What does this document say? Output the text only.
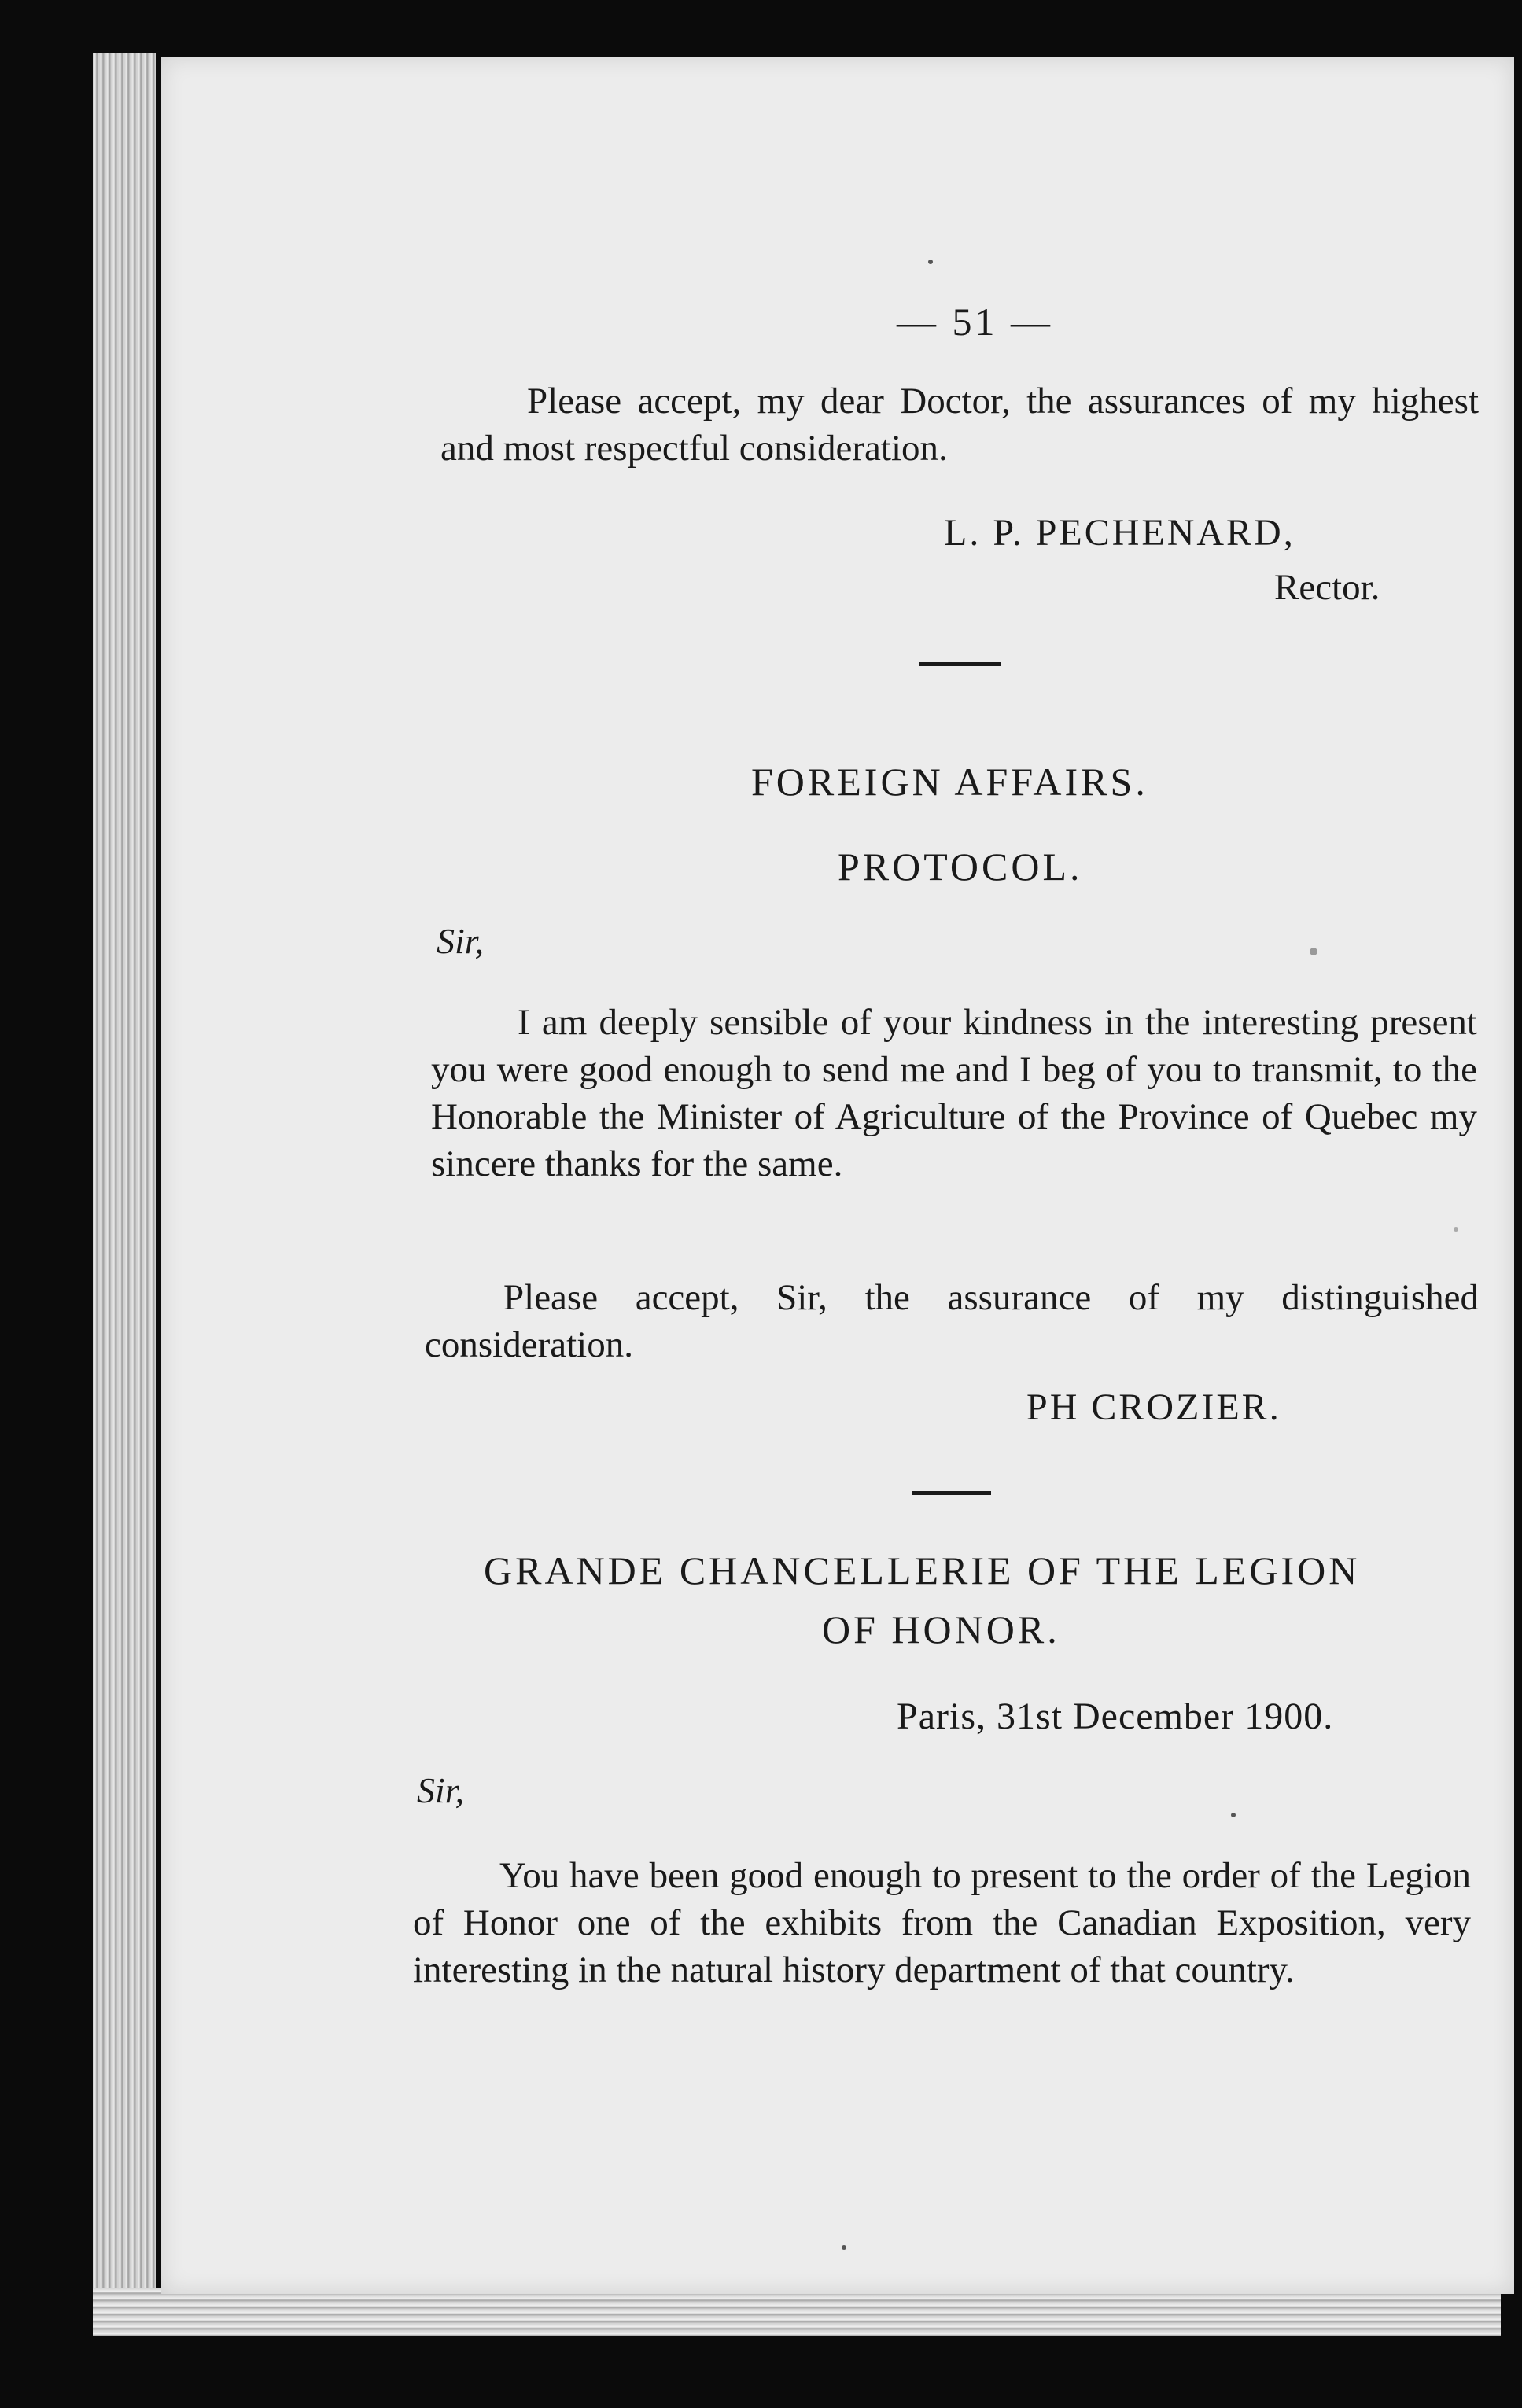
— 51 —
Please accept, my dear Doctor, the assurances of my highest and most respectful consideration.
L. P. PECHENARD,
Rector.
FOREIGN AFFAIRS.
PROTOCOL.
Sir,
I am deeply sensible of your kindness in the interesting present you were good enough to send me and I beg of you to transmit, to the Honorable the Minister of Agriculture of the Province of Quebec my sincere thanks for the same.
Please accept, Sir, the assurance of my distinguished consideration.
PH CROZIER.
GRANDE CHANCELLERIE OF THE LEGION
OF HONOR.
Paris, 31st December 1900.
Sir,
You have been good enough to present to the order of the Legion of Honor one of the exhibits from the Canadian Exposition, very interesting in the natural history department of that country.
